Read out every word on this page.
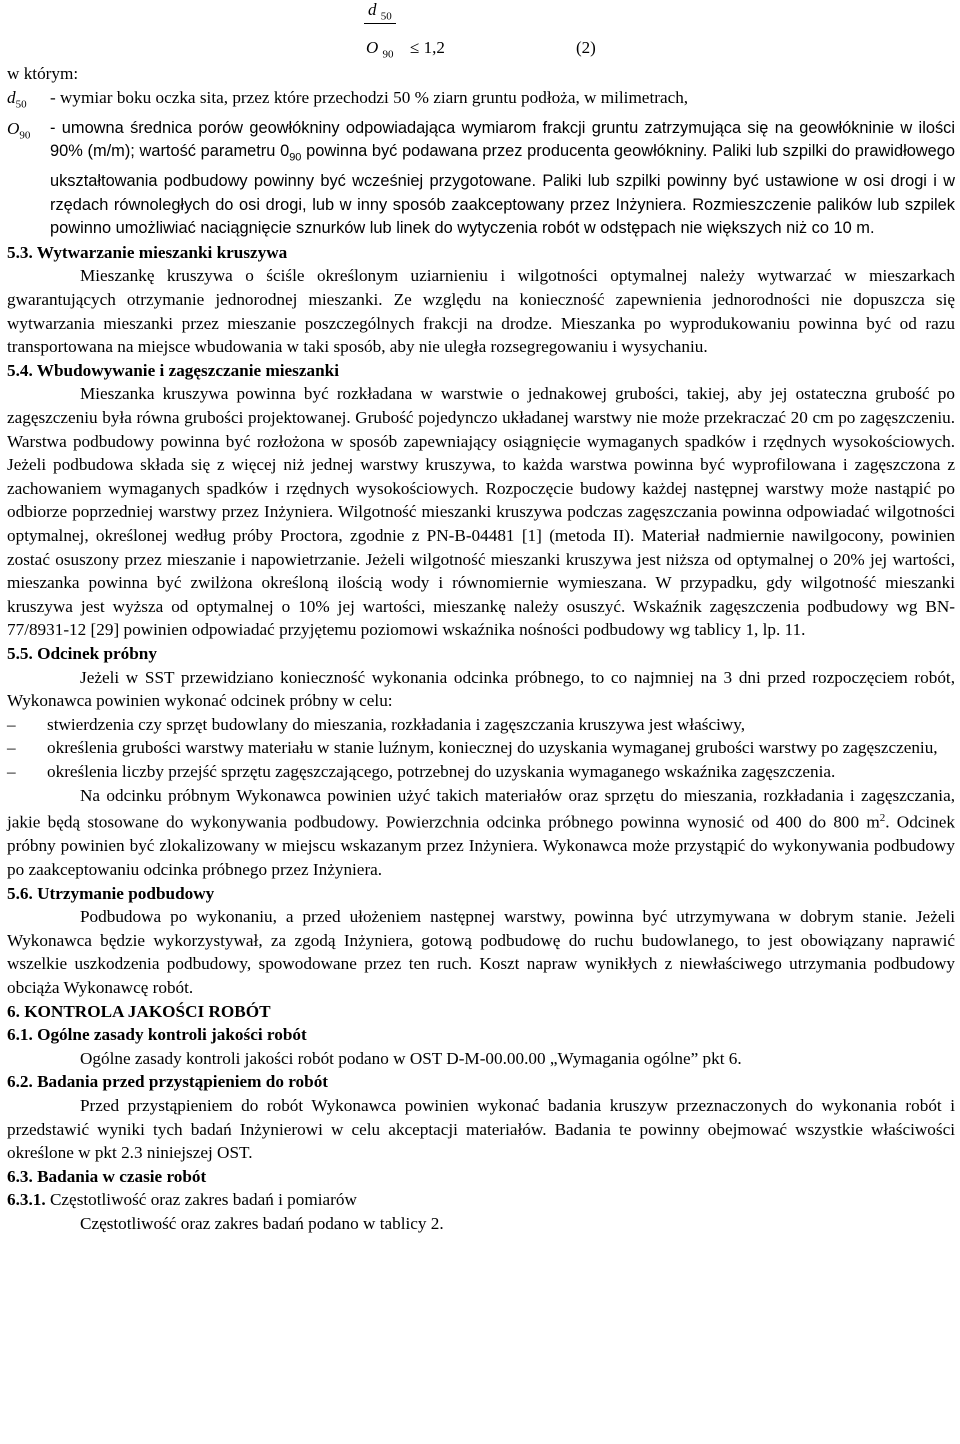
d $_{50}$
O $_{90}$ ≤ 1,2	(2)

w którym:

$d_{50}$	- wymiar boku oczka sita, przez które przechodzi 50 % ziarn gruntu podłoża, w milimetrach,
$O_{90}$	- umowna średnica porów geowłókniny odpowiadająca wymiarom frakcji gruntu zatrzymująca się na geowłókninie w ilości 90% (m/m); wartość parametru $0_{90}$ powinna być podawana przez producenta geowłókniny. Paliki lub szpilki do prawidłowego ukształtowania podbudowy powinny być wcześniej przygotowane. Paliki lub szpilki powinny być ustawione w osi drogi i w rzędach równoległych do osi drogi, lub w inny sposób zaakceptowany przez Inżyniera. Rozmieszczenie palików lub szpilek powinno umożliwiać naciągnięcie sznurków lub linek do wytyczenia robót w odstępach nie większych niż co 10 m.
5.3. Wytwarzanie mieszanki kruszywa

Mieszankę kruszywa o ściśle określonym uziarnieniu i wilgotności optymalnej należy wytwarzać w mieszarkach gwarantujących otrzymanie jednorodnej mieszanki. Ze względu na konieczność zapewnienia jednorodności nie dopuszcza się wytwarzania mieszanki przez mieszanie poszczególnych frakcji na drodze. Mieszanka po wyprodukowaniu powinna być od razu transportowana na miejsce wbudowania w taki sposób, aby nie uległa rozsegregowaniu i wysychaniu.

5.4. Wbudowywanie i zagęszczanie mieszanki

Mieszanka kruszywa powinna być rozkładana w warstwie o jednakowej grubości, takiej, aby jej ostateczna grubość po zagęszczeniu była równa grubości projektowanej. Grubość pojedynczo układanej warstwy nie może przekraczać 20 cm po zagęszczeniu. Warstwa podbudowy powinna być rozłożona w sposób zapewniający osiągnięcie wymaganych spadków i rzędnych wysokościowych. Jeżeli podbudowa składa się z więcej niż jednej warstwy kruszywa, to każda warstwa powinna być wyprofilowana i zagęszczona z zachowaniem wymaganych spadków i rzędnych wysokościowych. Rozpoczęcie budowy każdej następnej warstwy może nastąpić po odbiorze poprzedniej warstwy przez Inżyniera. Wilgotność mieszanki kruszywa podczas zagęszczania powinna odpowiadać wilgotności optymalnej, określonej według próby Proctora, zgodnie z PN-B-04481 [1] (metoda II). Materiał nadmiernie nawilgocony, powinien zostać osuszony przez mieszanie i napowietrzanie. Jeżeli wilgotność mieszanki kruszywa jest niższa od optymalnej o 20% jej wartości, mieszanka powinna być zwilżona określoną ilością wody i równomiernie wymieszana. W przypadku, gdy wilgotność mieszanki kruszywa jest wyższa od optymalnej o 10% jej wartości, mieszankę należy osuszyć. Wskaźnik zagęszczenia podbudowy wg BN-77/8931-12 [29] powinien odpowiadać przyjętemu poziomowi wskaźnika nośności podbudowy wg tablicy 1, lp. 11.

5.5. Odcinek próbny

Jeżeli w SST przewidziano konieczność wykonania odcinka próbnego, to co najmniej na 3 dni przed rozpoczęciem robót, Wykonawca powinien wykonać odcinek próbny w celu:

–	stwierdzenia czy sprzęt budowlany do mieszania, rozkładania i zagęszczania kruszywa jest właściwy,
–	określenia grubości warstwy materiału w stanie luźnym, koniecznej do uzyskania wymaganej grubości warstwy po zagęszczeniu,
–	określenia liczby przejść sprzętu zagęszczającego, potrzebnej do uzyskania wymaganego wskaźnika zagęszczenia.

Na odcinku próbnym Wykonawca powinien użyć takich materiałów oraz sprzętu do mieszania, rozkładania i zagęszczania, jakie będą stosowane do wykonywania podbudowy. Powierzchnia odcinka próbnego powinna wynosić od 400 do 800 $m^2$. Odcinek próbny powinien być zlokalizowany w miejscu wskazanym przez Inżyniera. Wykonawca może przystąpić do wykonywania podbudowy po zaakceptowaniu odcinka próbnego przez Inżyniera.

5.6. Utrzymanie podbudowy

Podbudowa po wykonaniu, a przed ułożeniem następnej warstwy, powinna być utrzymywana w dobrym stanie. Jeżeli Wykonawca będzie wykorzystywał, za zgodą Inżyniera, gotową podbudowę do ruchu budowlanego, to jest obowiązany naprawić wszelkie uszkodzenia podbudowy, spowodowane przez ten ruch. Koszt napraw wynikłych z niewłaściwego utrzymania podbudowy obciąża Wykonawcę robót.

6. KONTROLA JAKOŚCI ROBÓT
6.1. Ogólne zasady kontroli jakości robót

Ogólne zasady kontroli jakości robót podano w OST D-M-00.00.00 „Wymagania ogólne” pkt 6.

6.2. Badania przed przystąpieniem do robót

Przed przystąpieniem do robót Wykonawca powinien wykonać badania kruszyw przeznaczonych do wykonania robót i przedstawić wyniki tych badań Inżynierowi w celu akceptacji materiałów. Badania te powinny obejmować wszystkie właściwości określone w pkt 2.3 niniejszej OST.

6.3. Badania w czasie robót

6.3.1. Częstotliwość oraz zakres badań i pomiarów

Częstotliwość oraz zakres badań podano w tablicy 2.
